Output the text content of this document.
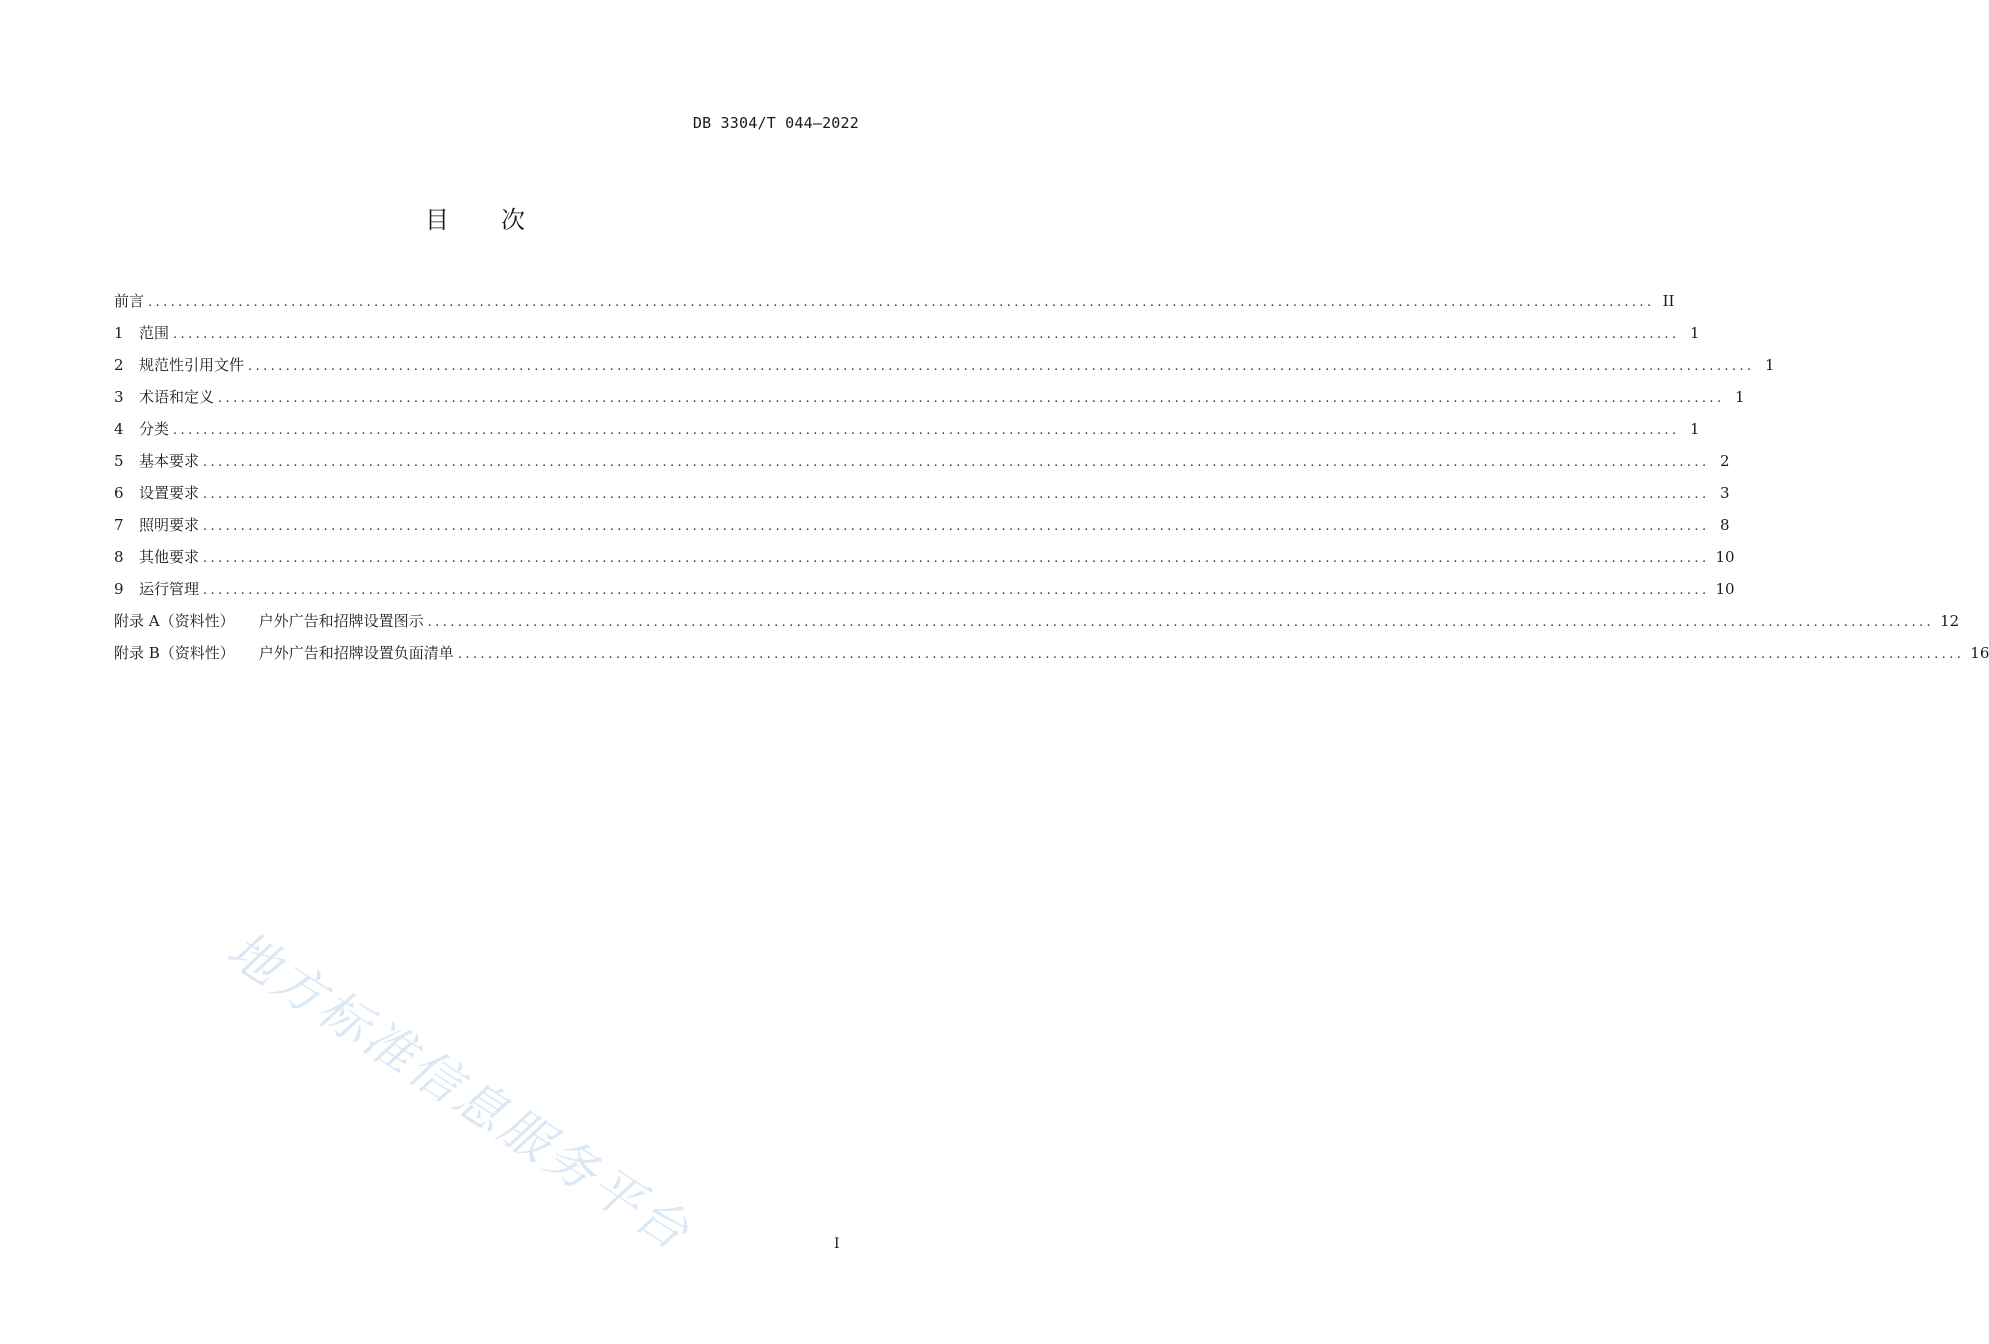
DB 3304/T 044—2022
目次
前言 ........................................................................................................................................................................................................ II
1	范围 ........................................................................................................................................................................................................ 1
2	规范性引用文件 ........................................................................................................................................................................................................ 1
3	术语和定义 ........................................................................................................................................................................................................ 1
4	分类 ........................................................................................................................................................................................................ 1
5	基本要求 ........................................................................................................................................................................................................ 2
6	设置要求 ........................................................................................................................................................................................................ 3
7	照明要求 ........................................................................................................................................................................................................ 8
8	其他要求 ........................................................................................................................................................................................................ 10
9	运行管理 ........................................................................................................................................................................................................ 10
附录 A（资料性） 户外广告和招牌设置图示 ........................................................................................................................................................................................................ 12
附录 B（资料性） 户外广告和招牌设置负面清单 ........................................................................................................................................................................................................ 16
地方标准信息服务平台	I
